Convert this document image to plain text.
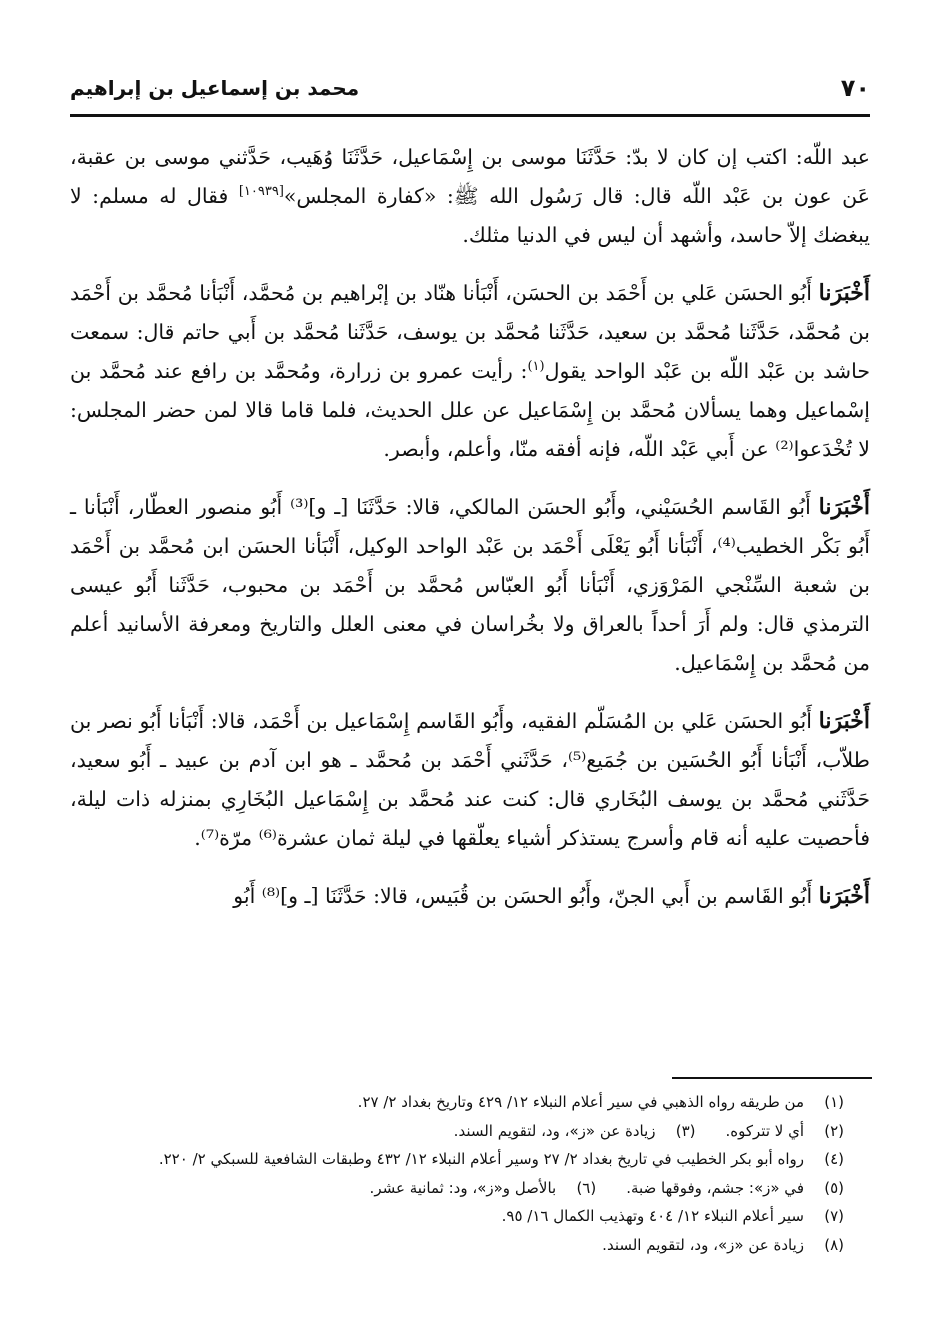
٧٠
محمد بن إسماعيل بن إبراهيم

عبد اللّه: اكتب إن كان لا بدّ: حَدَّثَنَا موسى بن إِسْمَاعيل، حَدَّثَنَا وُهَيب، حَدَّثني موسى بن عقبة، عَن عون بن عَبْد اللّه قال: قال رَسُول الله ﷺ: «كفارة المجلس»[١٠٩٣٩] فقال له مسلم: لا يبغضك إلاّ حاسد، وأشهد أن ليس في الدنيا مثلك.

أَخْبَرَنا أَبُو الحسَن عَلي بن أَحْمَد بن الحسَن، أَنْبَأنا هنّاد بن إبْراهيم بن مُحمَّد، أَنْبَأنا مُحمَّد بن أَحْمَد بن مُحمَّد، حَدَّثَنا مُحمَّد بن سعيد، حَدَّثَنا مُحمَّد بن يوسف، حَدَّثَنا مُحمَّد بن أَبي حاتم قال: سمعت حاشد بن عَبْد اللّه بن عَبْد الواحد يقول$^{(١)}$: رأيت عمرو بن زرارة، ومُحمَّد بن رافع عند مُحمَّد بن إسْماعيل وهما يسألان مُحمَّد بن إِسْمَاعيل عن علل الحديث، فلما قاما قالا لمن حضر المجلس: لا تُخْدَعوا⁽²⁾ عن أَبي عَبْد اللّه، فإنه أفقه منّا، وأعلم، وأبصر.

أَخْبَرَنا أَبُو القَاسم الحُسَيْني، وأَبُو الحسَن المالكي، قالا: حَدَّثَنَا [ـ و]⁽³⁾ أَبُو منصور العطّار، أَنْبَأنا ـ أَبُو بَكْر الخطيب⁽⁴⁾، أَنْبَأنا أَبُو يَعْلَى أَحْمَد بن عَبْد الواحد الوكيل، أَنْبَأنا الحسَن ابن مُحمَّد بن أَحْمَد بن شعبة السِّنْجي المَرْوَزي، أَنْبَأنا أَبُو العبّاس مُحمَّد بن أَحْمَد بن محبوب، حَدَّثَنا أَبُو عيسى الترمذي قال: ولم أَرَ أحداً بالعراق ولا بخُراسان في معنى العلل والتاريخ ومعرفة الأسانيد أعلم من مُحمَّد بن إِسْمَاعيل.

أَخْبَرَنا أَبُو الحسَن عَلي بن المُسَلّم الفقيه، وأَبُو القَاسم إِسْمَاعيل بن أَحْمَد، قالا: أَنْبَأنا أَبُو نصر بن طلاّب، أَنْبَأنا أَبُو الحُسَين بن جُمَيع⁽⁵⁾، حَدَّثَني أَحْمَد بن مُحمَّد ـ هو ابن آدم بن عبيد ـ أَبُو سعيد، حَدَّثَني مُحمَّد بن يوسف البُخَاري قال: كنت عند مُحمَّد بن إِسْمَاعيل البُخَارِي بمنزله ذات ليلة، فأحصيت عليه أنه قام وأسرج يستذكر أشياء يعلّقها في ليلة ثمان عشرة⁽⁶⁾ مرّة⁽⁷⁾.

أَخْبَرَنا أَبُو القَاسم بن أَبي الجنّ، وأَبُو الحسَن بن قُبَيس، قالا: حَدَّثَنَا [ـ و]⁽⁸⁾ أَبُو

(١)
من طريقه رواه الذهبي في سير أعلام النبلاء ١٢/ ٤٢٩ وتاريخ بغداد ٢/ ٢٧.
(٢)
أي لا تتركوه.
(٣)
زيادة عن «ز»، ود، لتقويم السند.
(٤)
رواه أبو بكر الخطيب في تاريخ بغداد ٢/ ٢٧ وسير أعلام النبلاء ١٢/ ٤٣٢ وطبقات الشافعية للسبكي ٢/ ٢٢٠.
(٥)
في «ز»: جشم، وفوقها ضبة.
(٦)
بالأصل و«ز»، ود: ثمانية عشر.
(٧)
سير أعلام النبلاء ١٢/ ٤٠٤ وتهذيب الكمال ١٦/ ٩٥.
(٨)
زيادة عن «ز»، ود، لتقويم السند.
